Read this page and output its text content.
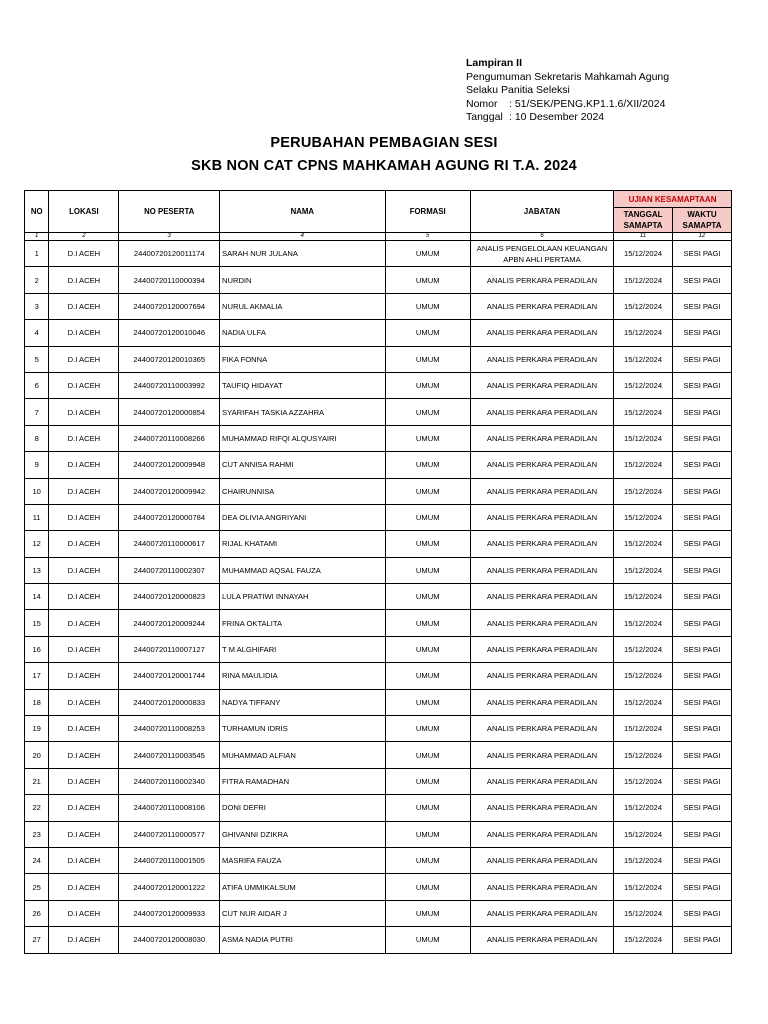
Lampiran II
Pengumuman Sekretaris Mahkamah Agung
Selaku Panitia Seleksi
Nomor : 51/SEK/PENG.KP1.1.6/XII/2024
Tanggal : 10 Desember 2024
PERUBAHAN PEMBAGIAN SESI
SKB NON CAT CPNS MAHKAMAH AGUNG RI T.A. 2024
NO	LOKASI	NO PESERTA	NAMA	FORMASI	JABATAN	UJIAN KESAMAPTAAN	
						TANGGAL SAMAPTA	WAKTU SAMAPTA
1	2	3	4	5	6	11	12
1	D.I ACEH	24400720120011174	SARAH NUR JULANA	UMUM	ANALIS PENGELOLAAN KEUANGAN APBN AHLI PERTAMA	15/12/2024	SESI PAGI
2	D.I ACEH	24400720110000394	NURDIN	UMUM	ANALIS PERKARA PERADILAN	15/12/2024	SESI PAGI
3	D.I ACEH	24400720120007694	NURUL AKMALIA	UMUM	ANALIS PERKARA PERADILAN	15/12/2024	SESI PAGI
4	D.I ACEH	24400720120010046	NADIA ULFA	UMUM	ANALIS PERKARA PERADILAN	15/12/2024	SESI PAGI
5	D.I ACEH	24400720120010365	FIKA FONNA	UMUM	ANALIS PERKARA PERADILAN	15/12/2024	SESI PAGI
6	D.I ACEH	24400720110003992	TAUFIQ HIDAYAT	UMUM	ANALIS PERKARA PERADILAN	15/12/2024	SESI PAGI
7	D.I ACEH	24400720120000854	SYARIFAH TASKIA AZZAHRA	UMUM	ANALIS PERKARA PERADILAN	15/12/2024	SESI PAGI
8	D.I ACEH	24400720110008266	MUHAMMAD RIFQI ALQUSYAIRI	UMUM	ANALIS PERKARA PERADILAN	15/12/2024	SESI PAGI
9	D.I ACEH	24400720120009948	CUT ANNISA RAHMI	UMUM	ANALIS PERKARA PERADILAN	15/12/2024	SESI PAGI
10	D.I ACEH	24400720120009942	CHAIRUNNISA	UMUM	ANALIS PERKARA PERADILAN	15/12/2024	SESI PAGI
11	D.I ACEH	24400720120000784	DEA OLIVIA ANGRIYANI	UMUM	ANALIS PERKARA PERADILAN	15/12/2024	SESI PAGI
12	D.I ACEH	24400720110000617	RIJAL KHATAMI	UMUM	ANALIS PERKARA PERADILAN	15/12/2024	SESI PAGI
13	D.I ACEH	24400720110002307	MUHAMMAD AQSAL FAUZA	UMUM	ANALIS PERKARA PERADILAN	15/12/2024	SESI PAGI
14	D.I ACEH	24400720120000823	LULA PRATIWI INNAYAH	UMUM	ANALIS PERKARA PERADILAN	15/12/2024	SESI PAGI
15	D.I ACEH	24400720120009244	FRINA OKTALITA	UMUM	ANALIS PERKARA PERADILAN	15/12/2024	SESI PAGI
16	D.I ACEH	24400720110007127	T M ALGHIFARI	UMUM	ANALIS PERKARA PERADILAN	15/12/2024	SESI PAGI
17	D.I ACEH	24400720120001744	RINA MAULIDIA	UMUM	ANALIS PERKARA PERADILAN	15/12/2024	SESI PAGI
18	D.I ACEH	24400720120000833	NADYA TIFFANY	UMUM	ANALIS PERKARA PERADILAN	15/12/2024	SESI PAGI
19	D.I ACEH	24400720110008253	TURHAMUN IDRIS	UMUM	ANALIS PERKARA PERADILAN	15/12/2024	SESI PAGI
20	D.I ACEH	24400720110003545	MUHAMMAD ALFIAN	UMUM	ANALIS PERKARA PERADILAN	15/12/2024	SESI PAGI
21	D.I ACEH	24400720110002340	FITRA RAMADHAN	UMUM	ANALIS PERKARA PERADILAN	15/12/2024	SESI PAGI
22	D.I ACEH	24400720110008106	DONI DEFRI	UMUM	ANALIS PERKARA PERADILAN	15/12/2024	SESI PAGI
23	D.I ACEH	24400720110000577	GHIVANNI DZIKRA	UMUM	ANALIS PERKARA PERADILAN	15/12/2024	SESI PAGI
24	D.I ACEH	24400720110001505	MASRIFA FAUZA	UMUM	ANALIS PERKARA PERADILAN	15/12/2024	SESI PAGI
25	D.I ACEH	24400720120001222	ATIFA UMMIKALSUM	UMUM	ANALIS PERKARA PERADILAN	15/12/2024	SESI PAGI
26	D.I ACEH	24400720120009933	CUT NUR AIDAR J	UMUM	ANALIS PERKARA PERADILAN	15/12/2024	SESI PAGI
27	D.I ACEH	24400720120008030	ASMA NADIA PUTRI	UMUM	ANALIS PERKARA PERADILAN	15/12/2024	SESI PAGI
